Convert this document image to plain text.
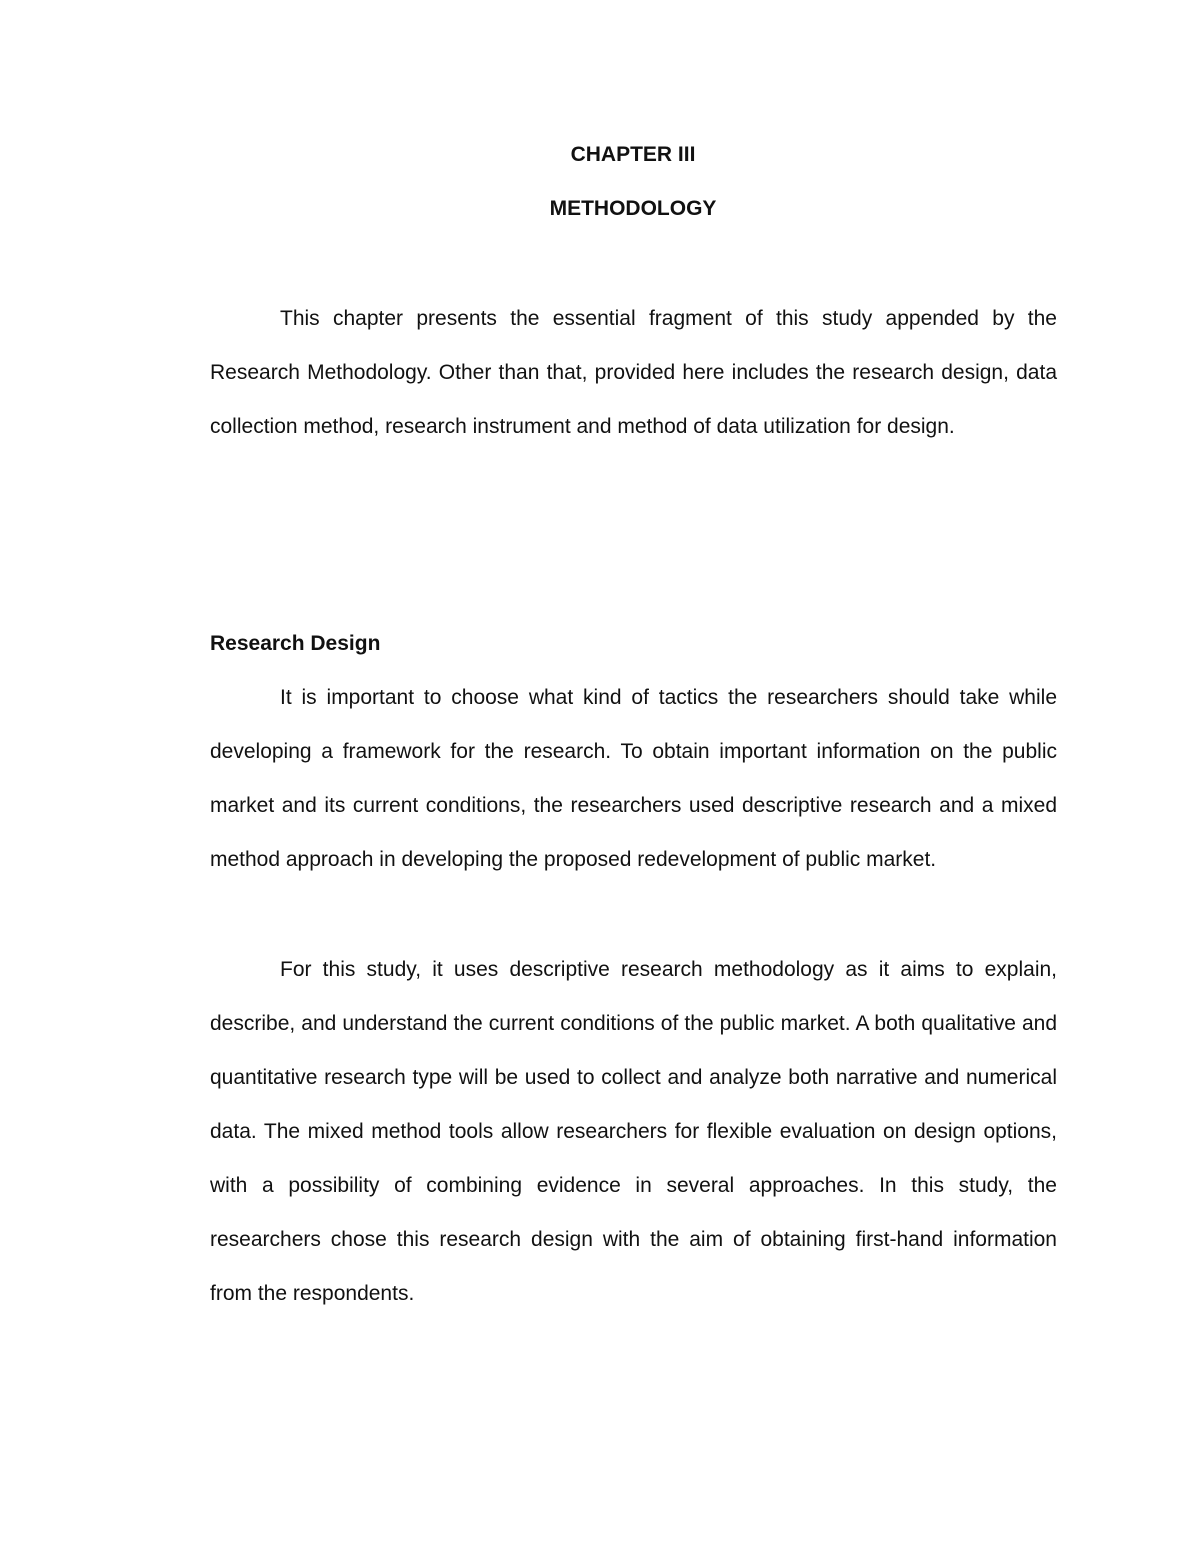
CHAPTER III
METHODOLOGY

This chapter presents the essential fragment of this study appended by the Research Methodology. Other than that, provided here includes the research design, data collection method, research instrument and method of data utilization for design.

Research Design

It is important to choose what kind of tactics the researchers should take while developing a framework for the research. To obtain important information on the public market and its current conditions, the researchers used descriptive research and a mixed method approach in developing the proposed redevelopment of public market.

For this study, it uses descriptive research methodology as it aims to explain, describe, and understand the current conditions of the public market. A both qualitative and quantitative research type will be used to collect and analyze both narrative and numerical data. The mixed method tools allow researchers for flexible evaluation on design options, with a possibility of combining evidence in several approaches. In this study, the researchers chose this research design with the aim of obtaining first-hand information from the respondents.
